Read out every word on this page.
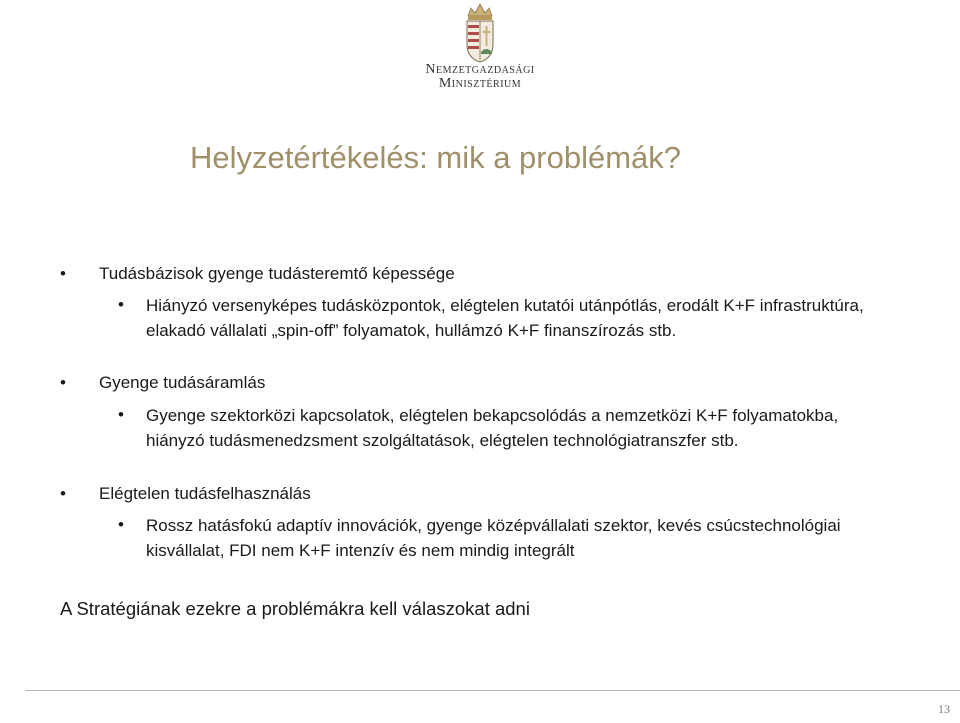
Nemzetgazdasági
Minisztérium
Helyzetértékelés: mik a problémák?
• Tudásbázisok gyenge tudásteremtő képessége
• Hiányzó versenyképes tudásközpontok, elégtelen kutatói utánpótlás, erodált K+F infrastruktúra, elakadó vállalati „spin-off” folyamatok, hullámzó K+F finanszírozás stb.
• Gyenge tudásáramlás
• Gyenge szektorközi kapcsolatok, elégtelen bekapcsolódás a nemzetközi K+F folyamatokba, hiányzó tudásmenedzsment szolgáltatások, elégtelen technológiatranszfer stb.
• Elégtelen tudásfelhasználás
• Rossz hatásfokú adaptív innovációk, gyenge középvállalati szektor, kevés csúcstechnológiai kisvállalat, FDI nem K+F intenzív és nem mindig integrált
A Stratégiának ezekre a problémákra kell válaszokat adni
13
